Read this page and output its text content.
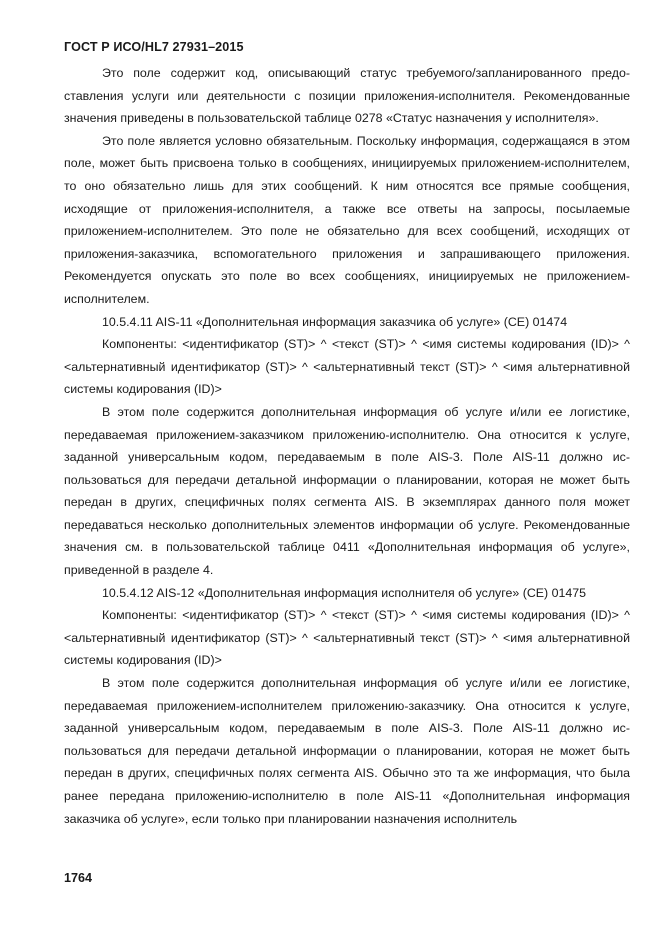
ГОСТ Р ИСО/HL7 27931–2015

Это поле содержит код, описывающий статус требуемого/запланированного предоставления услуги или деятельности с позиции приложения-исполнителя. Рекомендованные значения приведены в пользовательской таблице 0278 «Статус назначения у исполнителя».

Это поле является условно обязательным. Поскольку информация, содержащаяся в этом поле, может быть присвоена только в сообщениях, инициируемых приложением-исполнителем, то оно обязательно лишь для этих сообщений. К ним относятся все прямые сообщения, исходящие от приложения-исполнителя, а также все ответы на запросы, посылаемые приложением-исполнителем. Это поле не обязательно для всех сообщений, исходящих от приложения-заказчика, вспомогательного приложения и запрашивающего приложения. Рекомендуется опускать это поле во всех сообщениях, инициируемых не приложением-исполнителем.

10.5.4.11 AIS-11 «Дополнительная информация заказчика об услуге» (CE) 01474

Компоненты: <идентификатор (ST)> ^ <текст (ST)> ^ <имя системы кодирования (ID)> ^ <альтернативный идентификатор (ST)> ^ <альтернативный текст (ST)> ^ <имя альтернативной системы кодирования (ID)>

В этом поле содержится дополнительная информация об услуге и/или ее логистике, передаваемая приложением-заказчиком приложению-исполнителю. Она относится к услуге, заданной универсальным кодом, передаваемым в поле AIS-3. Поле AIS-11 должно использоваться для передачи детальной информации о планировании, которая не может быть передан в других, специфичных полях сегмента AIS. В экземплярах данного поля может передаваться несколько дополнительных элементов информации об услуге. Рекомендованные значения см. в пользовательской таблице 0411 «Дополнительная информация об услуге», приведенной в разделе 4.

10.5.4.12 AIS-12 «Дополнительная информация исполнителя об услуге» (CE) 01475

Компоненты: <идентификатор (ST)> ^ <текст (ST)> ^ <имя системы кодирования (ID)> ^ <альтернативный идентификатор (ST)> ^ <альтернативный текст (ST)> ^ <имя альтернативной системы кодирования (ID)>

В этом поле содержится дополнительная информация об услуге и/или ее логистике, передаваемая приложением-исполнителем приложению-заказчику. Она относится к услуге, заданной универсальным кодом, передаваемым в поле AIS-3. Поле AIS-11 должно использоваться для передачи детальной информации о планировании, которая не может быть передан в других, специфичных полях сегмента AIS. Обычно это та же информация, что была ранее передана приложению-исполнителю в поле AIS-11 «Дополнительная информация заказчика об услуге», если только при планировании назначения исполнитель

1764
